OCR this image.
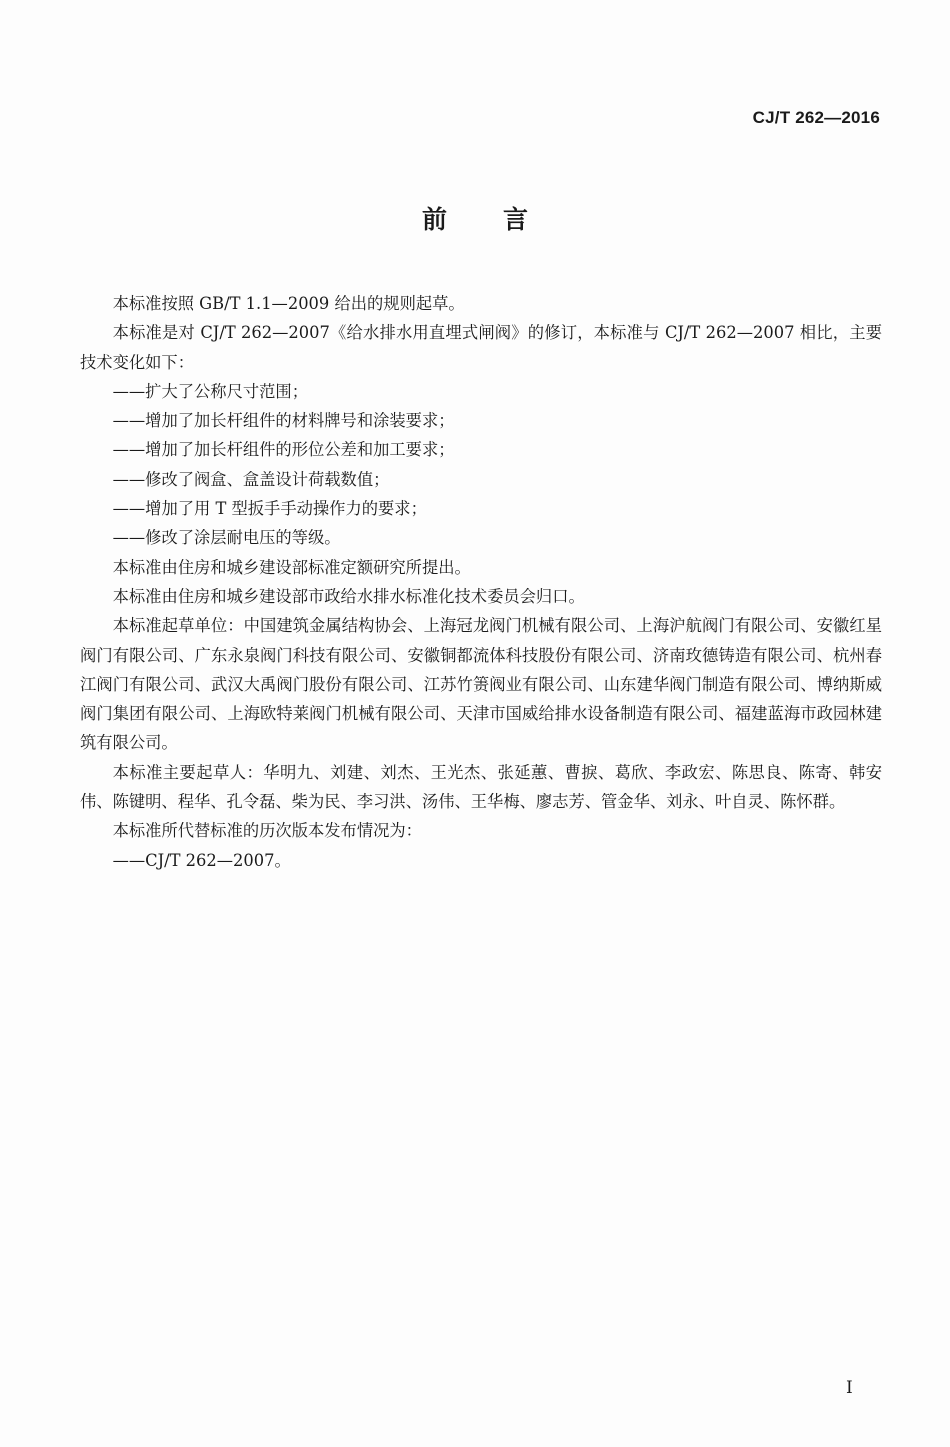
CJ/T 262—2016
前言

本标准按照 GB/T 1.1—2009 给出的规则起草。

本标准是对 CJ/T 262—2007《给水排水用直埋式闸阀》的修订，本标准与 CJ/T 262—2007 相比，主要技术变化如下：

——扩大了公称尺寸范围；

——增加了加长杆组件的材料牌号和涂装要求；

——增加了加长杆组件的形位公差和加工要求；

——修改了阀盒、盒盖设计荷载数值；

——增加了用 T 型扳手手动操作力的要求；

——修改了涂层耐电压的等级。

本标准由住房和城乡建设部标准定额研究所提出。

本标准由住房和城乡建设部市政给水排水标准化技术委员会归口。

本标准起草单位：中国建筑金属结构协会、上海冠龙阀门机械有限公司、上海沪航阀门有限公司、安徽红星阀门有限公司、广东永泉阀门科技有限公司、安徽铜都流体科技股份有限公司、济南玫德铸造有限公司、杭州春江阀门有限公司、武汉大禹阀门股份有限公司、江苏竹箦阀业有限公司、山东建华阀门制造有限公司、博纳斯威阀门集团有限公司、上海欧特莱阀门机械有限公司、天津市国威给排水设备制造有限公司、福建蓝海市政园林建筑有限公司。

本标准主要起草人：华明九、刘建、刘杰、王光杰、张延蕙、曹捩、葛欣、李政宏、陈思良、陈寄、韩安伟、陈键明、程华、孔令磊、柴为民、李习洪、汤伟、王华梅、廖志芳、管金华、刘永、叶自灵、陈怀群。

本标准所代替标准的历次版本发布情况为：

——CJ/T 262—2007。

I
